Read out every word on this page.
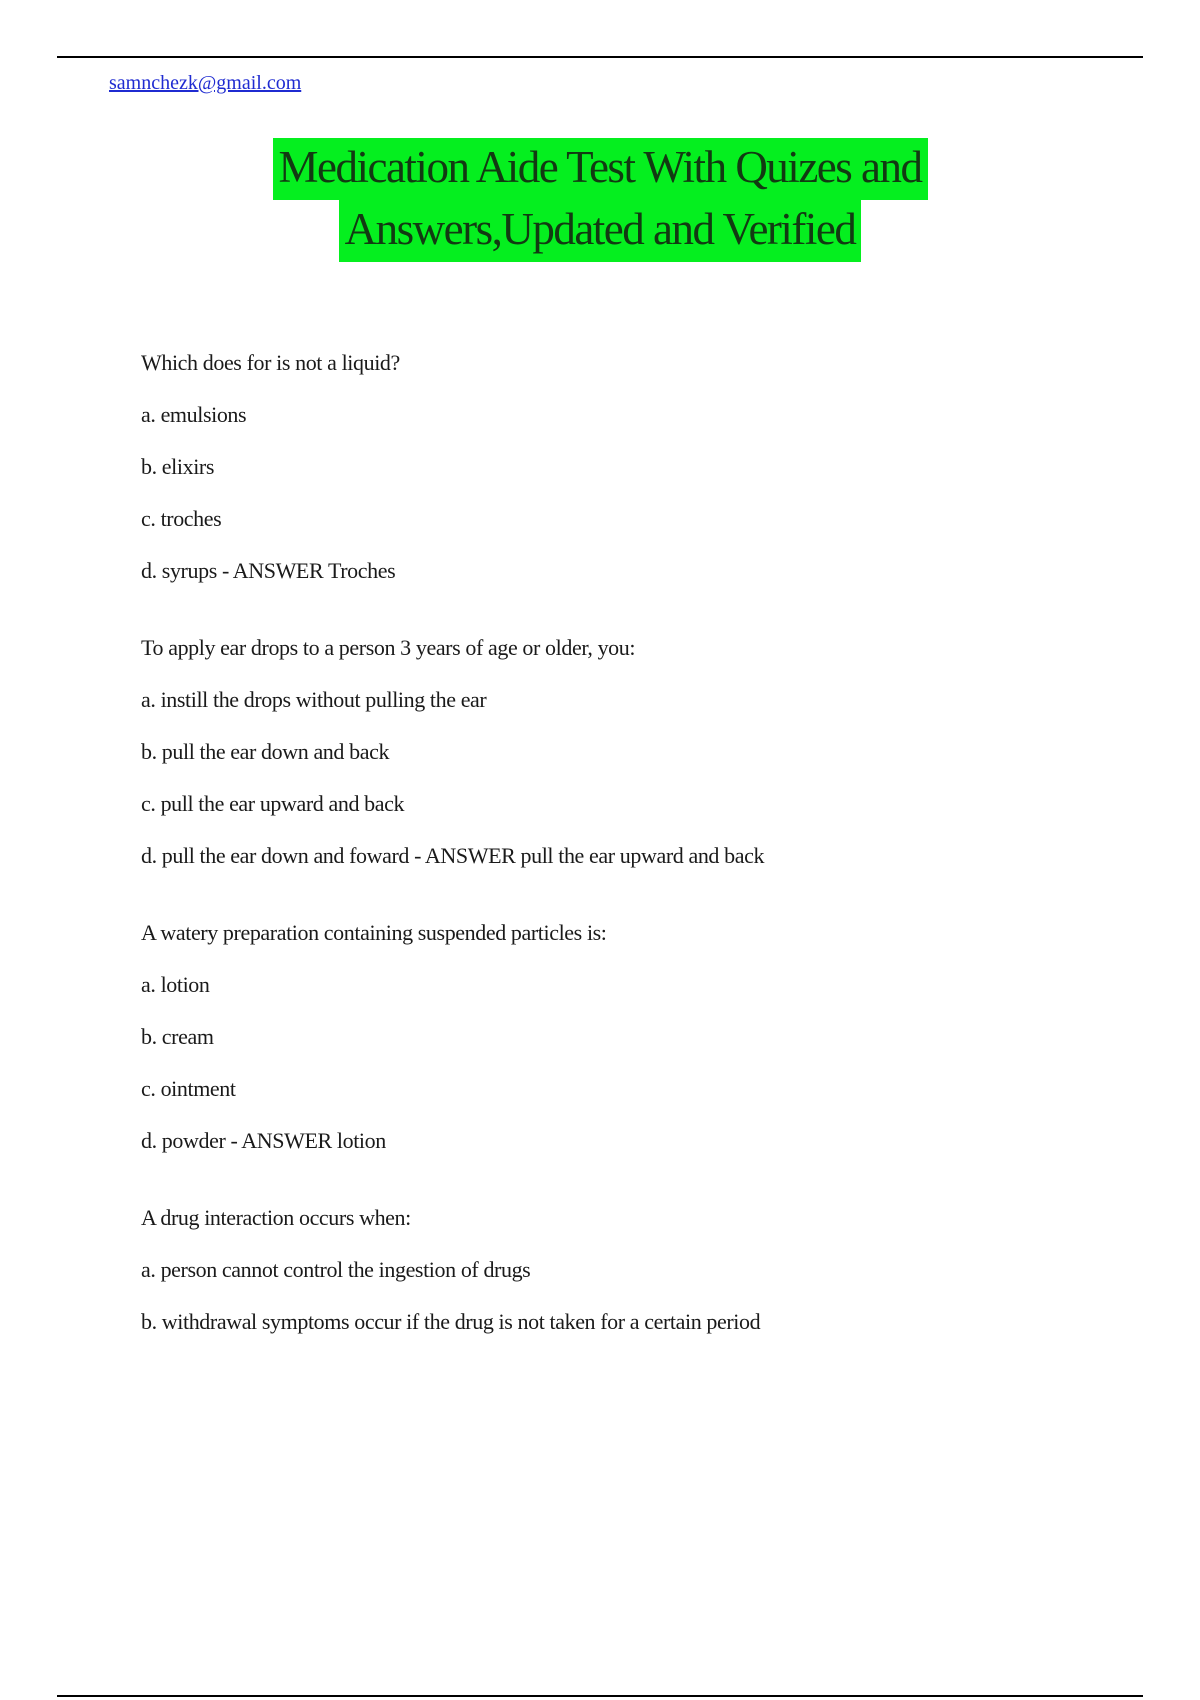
samnchezk@gmail.com
Medication Aide Test With Quizes and
Answers,Updated and Verified

Which does for is not a liquid?

a. emulsions

b. elixirs

c. troches

d. syrups - ANSWER Troches

To apply ear drops to a person 3 years of age or older, you:

a. instill the drops without pulling the ear

b. pull the ear down and back

c. pull the ear upward and back

d. pull the ear down and foward - ANSWER pull the ear upward and back

A watery preparation containing suspended particles is:

a. lotion

b. cream

c. ointment

d. powder - ANSWER lotion

A drug interaction occurs when:

a. person cannot control the ingestion of drugs

b. withdrawal symptoms occur if the drug is not taken for a certain period
